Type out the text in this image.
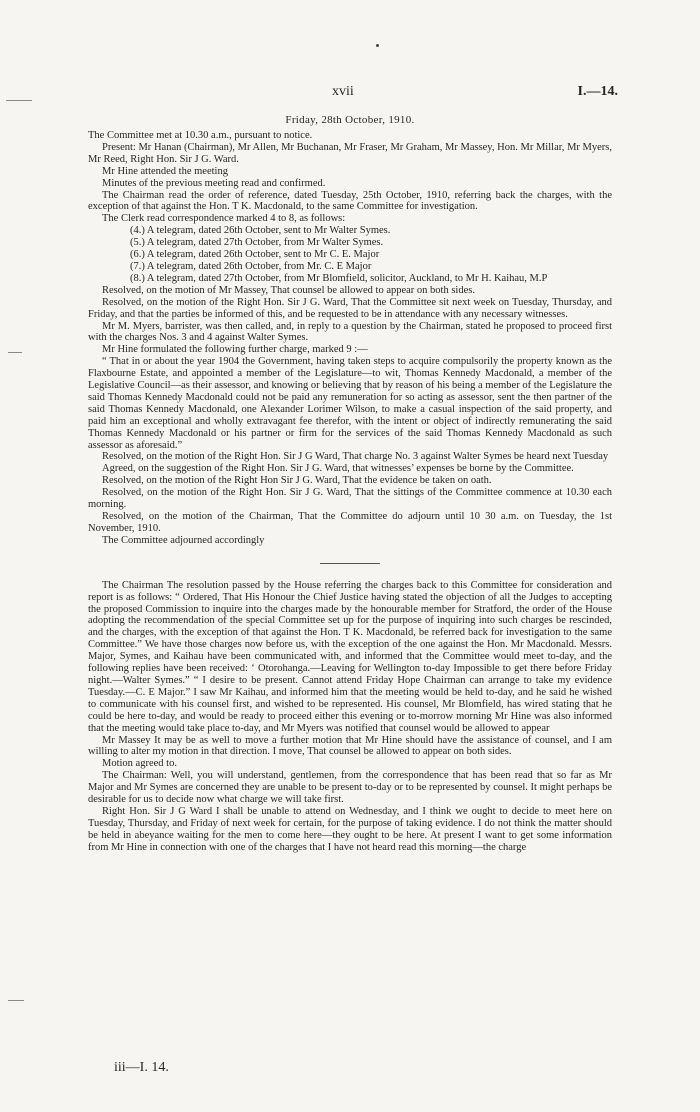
xvii	I.—14.
Friday, 28th October, 1910.

The Committee met at 10.30 a.m., pursuant to notice.

Present: Mr Hanan (Chairman), Mr Allen, Mr Buchanan, Mr Fraser, Mr Graham, Mr Massey, Hon. Mr Millar, Mr Myers, Mr Reed, Right Hon. Sir J G. Ward.

Mr Hine attended the meeting

Minutes of the previous meeting read and confirmed.

The Chairman read the order of reference, dated Tuesday, 25th October, 1910, referring back the charges, with the exception of that against the Hon. T K. Macdonald, to the same Committee for investigation.

The Clerk read correspondence marked 4 to 8, as follows:

(4.) A telegram, dated 26th October, sent to Mr Walter Symes.
(5.) A telegram, dated 27th October, from Mr Walter Symes.
(6.) A telegram, dated 26th October, sent to Mr C. E. Major
(7.) A telegram, dated 26th October, from Mr. C. E Major
(8.) A telegram, dated 27th October, from Mr Blomfield, solicitor, Auckland, to Mr H. Kaihau, M.P

Resolved, on the motion of Mr Massey, That counsel be allowed to appear on both sides.

Resolved, on the motion of the Right Hon. Sir J G. Ward, That the Committee sit next week on Tuesday, Thursday, and Friday, and that the parties be informed of this, and be requested to be in attendance with any necessary witnesses.

Mr M. Myers, barrister, was then called, and, in reply to a question by the Chairman, stated he proposed to proceed first with the charges Nos. 3 and 4 against Walter Symes.

Mr Hine formulated the following further charge, marked 9 :—

“ That in or about the year 1904 the Government, having taken steps to acquire compulsorily the property known as the Flaxbourne Estate, and appointed a member of the Legislature—to wit, Thomas Kennedy Macdonald, a member of the Legislative Council—as their assessor, and knowing or believing that by reason of his being a member of the Legislature the said Thomas Kennedy Macdonald could not be paid any remuneration for so acting as assessor, sent the then partner of the said Thomas Kennedy Macdonald, one Alexander Lorimer Wilson, to make a casual inspection of the said property, and paid him an exceptional and wholly extravagant fee therefor, with the intent or object of indirectly remunerating the said Thomas Kennedy Macdonald or his partner or firm for the services of the said Thomas Kennedy Macdonald as such assessor as aforesaid.”

Resolved, on the motion of the Right Hon. Sir J G Ward, That charge No. 3 against Walter Symes be heard next Tuesday

Agreed, on the suggestion of the Right Hon. Sir J G. Ward, that witnesses’ expenses be borne by the Committee.

Resolved, on the motion of the Right Hon Sir J G. Ward, That the evidence be taken on oath.

Resolved, on the motion of the Right Hon. Sir J G. Ward, That the sittings of the Committee commence at 10.30 each morning.

Resolved, on the motion of the Chairman, That the Committee do adjourn until 10 30 a.m. on Tuesday, the 1st November, 1910.

The Committee adjourned accordingly

The Chairman The resolution passed by the House referring the charges back to this Committee for consideration and report is as follows: “ Ordered, That His Honour the Chief Justice having stated the objection of all the Judges to accepting the proposed Commission to inquire into the charges made by the honourable member for Stratford, the order of the House adopting the recommendation of the special Committee set up for the purpose of inquiring into such charges be rescinded, and the charges, with the exception of that against the Hon. T K. Macdonald, be referred back for investigation to the same Committee.” We have those charges now before us, with the exception of the one against the Hon. Mr Macdonald. Messrs. Major, Symes, and Kaihau have been communicated with, and informed that the Committee would meet to-day, and the following replies have been received: ‘ Otorohanga.—Leaving for Wellington to-day Impossible to get there before Friday night.—Walter Symes.” “ I desire to be present. Cannot attend Friday Hope Chairman can arrange to take my evidence Tuesday.—C. E Major.” I saw Mr Kaihau, and informed him that the meeting would be held to-day, and he said he wished to communicate with his counsel first, and wished to be represented. His counsel, Mr Blomfield, has wired stating that he could be here to-day, and would be ready to proceed either this evening or to-morrow morning Mr Hine was also informed that the meeting would take place to-day, and Mr Myers was notified that counsel would be allowed to appear

Mr Massey It may be as well to move a further motion that Mr Hine should have the assistance of counsel, and I am willing to alter my motion in that direction. I move, That counsel be allowed to appear on both sides.

Motion agreed to.

The Chairman: Well, you will understand, gentlemen, from the correspondence that has been read that so far as Mr Major and Mr Symes are concerned they are unable to be present to-day or to be represented by counsel. It might perhaps be desirable for us to decide now what charge we will take first.

Right Hon. Sir J G Ward I shall be unable to attend on Wednesday, and I think we ought to decide to meet here on Tuesday, Thursday, and Friday of next week for certain, for the purpose of taking evidence. I do not think the matter should be held in abeyance waiting for the men to come here—they ought to be here. At present I want to get some information from Mr Hine in connection with one of the charges that I have not heard read this morning—the charge

iii—I. 14.
